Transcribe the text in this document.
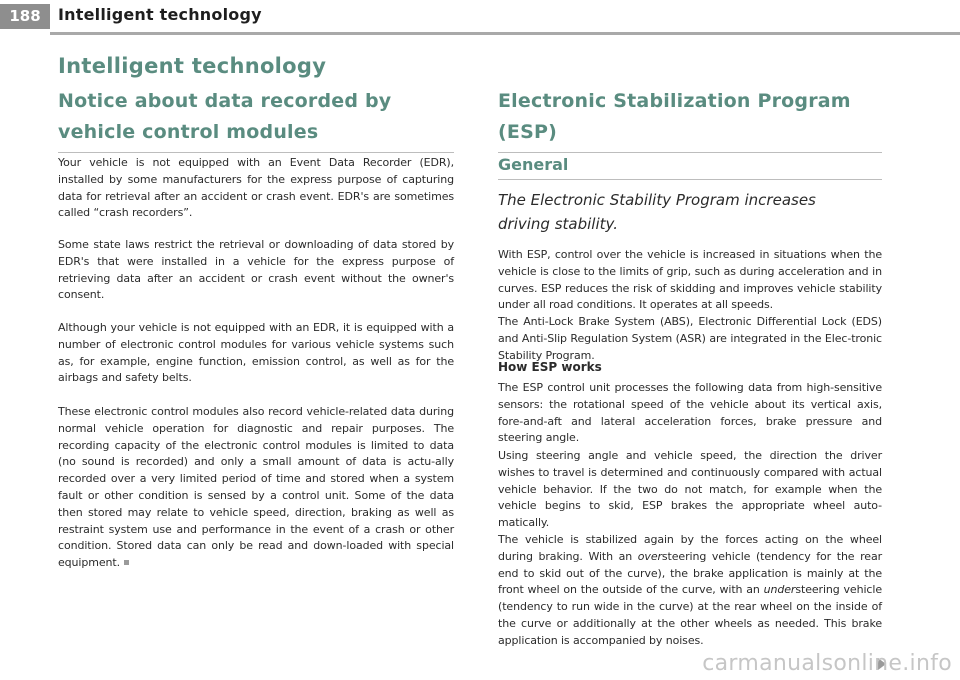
188	Intelligent technology
Intelligent technology
Notice about data recorded by vehicle control modules

Your vehicle is not equipped with an Event Data Recorder (EDR), installed by some manufacturers for the express purpose of capturing data for retrieval after an accident or crash event. EDR's are sometimes called “crash recorders”.

Some state laws restrict the retrieval or downloading of data stored by EDR's that were installed in a vehicle for the express purpose of retrieving data after an accident or crash event without the owner's consent.

Although your vehicle is not equipped with an EDR, it is equipped with a number of electronic control modules for various vehicle systems such as, for example, engine function, emission control, as well as for the airbags and safety belts.

These electronic control modules also record vehicle-related data during normal vehicle operation for diagnostic and repair purposes. The recording capacity of the electronic control modules is limited to data (no sound is recorded) and only a small amount of data is actu-ally recorded over a very limited period of time and stored when a system fault or other condition is sensed by a control unit. Some of the data then stored may relate to vehicle speed, direction, braking as well as restraint system use and performance in the event of a crash or other condition. Stored data can only be read and down-loaded with special equipment.

Electronic Stabilization Program (ESP)
General

The Electronic Stability Program increases driving stability.

With ESP, control over the vehicle is increased in situations when the vehicle is close to the limits of grip, such as during acceleration and in curves. ESP reduces the risk of skidding and improves vehicle stability under all road conditions. It operates at all speeds.

The Anti-Lock Brake System (ABS), Electronic Differential Lock (EDS) and Anti-Slip Regulation System (ASR) are integrated in the Elec-tronic Stability Program.

How ESP works

The ESP control unit processes the following data from high-sensitive sensors: the rotational speed of the vehicle about its vertical axis, fore-and-aft and lateral acceleration forces, brake pressure and steering angle.

Using steering angle and vehicle speed, the direction the driver wishes to travel is determined and continuously compared with actual vehicle behavior. If the two do not match, for example when the vehicle begins to skid, ESP brakes the appropriate wheel auto-matically.

The vehicle is stabilized again by the forces acting on the wheel during braking. With an oversteering vehicle (tendency for the rear end to skid out of the curve), the brake application is mainly at the front wheel on the outside of the curve, with an understeering vehicle (tendency to run wide in the curve) at the rear wheel on the inside of the curve or additionally at the other wheels as needed. This brake application is accompanied by noises.

carmanualsonline.info
